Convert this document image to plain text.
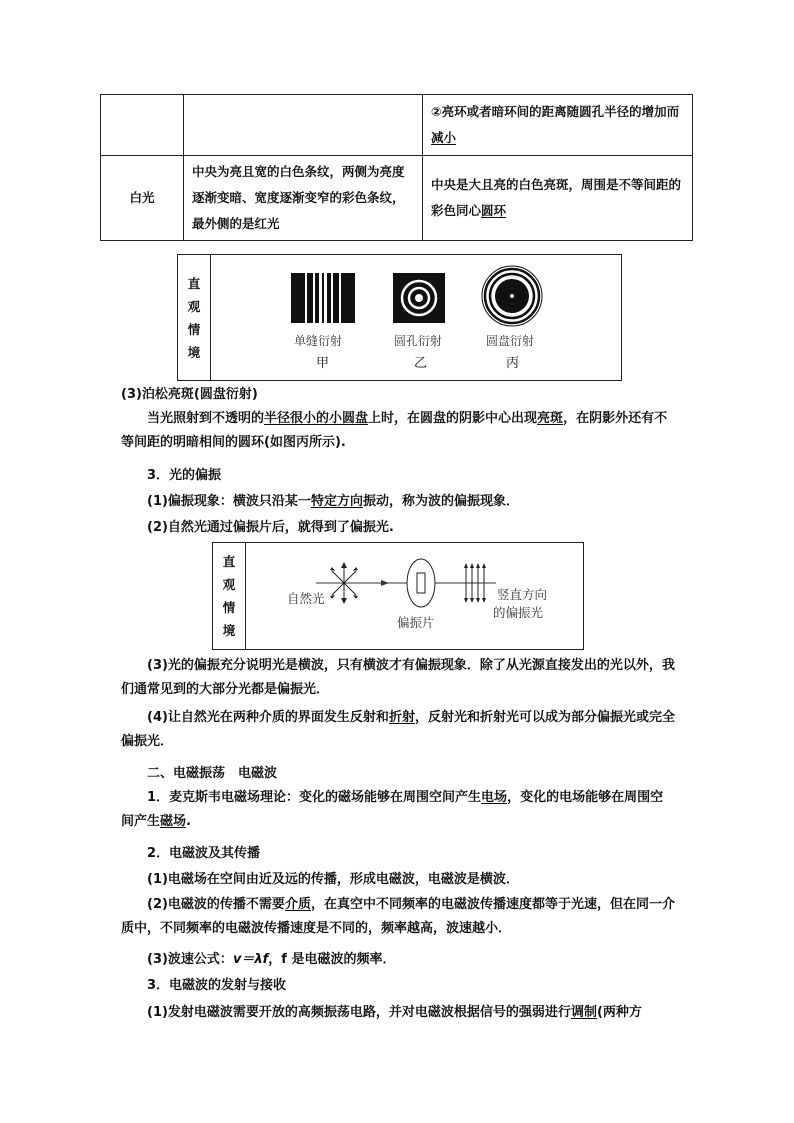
		②亮环或者暗环间的距离随圆孔半径的增加而减小
白光	中央为亮且宽的白色条纹，两侧为亮度逐渐变暗、宽度逐渐变窄的彩色条纹，最外侧的是红光	中央是大且亮的白色亮斑，周围是不等间距的彩色同心圆环
直
观
情
境
单缝衍射
甲
圆孔衍射
乙
圆盘衍射
丙
(3)泊松亮斑(圆盘衍射)
当光照射到不透明的半径很小的小圆盘上时，在圆盘的阴影中心出现亮斑，在阴影外还有不等间距的明暗相间的圆环(如图丙所示).
3．光的偏振
(1)偏振现象：横波只沿某一特定方向振动，称为波的偏振现象．
(2)自然光通过偏振片后，就得到了偏振光.
直
观
情
境
自然光
偏振片
竖直方向
的偏振光
(3)光的偏振充分说明光是横波，只有横波才有偏振现象．除了从光源直接发出的光以外，我们通常见到的大部分光都是偏振光．
(4)让自然光在两种介质的界面发生反射和折射，反射光和折射光可以成为部分偏振光或完全偏振光．
二、电磁振荡　电磁波
1．麦克斯韦电磁场理论：变化的磁场能够在周围空间产生电场，变化的电场能够在周围空间产生磁场.
2．电磁波及其传播
(1)电磁场在空间由近及远的传播，形成电磁波，电磁波是横波．
(2)电磁波的传播不需要介质，在真空中不同频率的电磁波传播速度都等于光速，但在同一介质中，不同频率的电磁波传播速度是不同的，频率越高，波速越小．
(3)波速公式：v＝λf，f 是电磁波的频率．
3．电磁波的发射与接收
(1)发射电磁波需要开放的高频振荡电路，并对电磁波根据信号的强弱进行调制(两种方
